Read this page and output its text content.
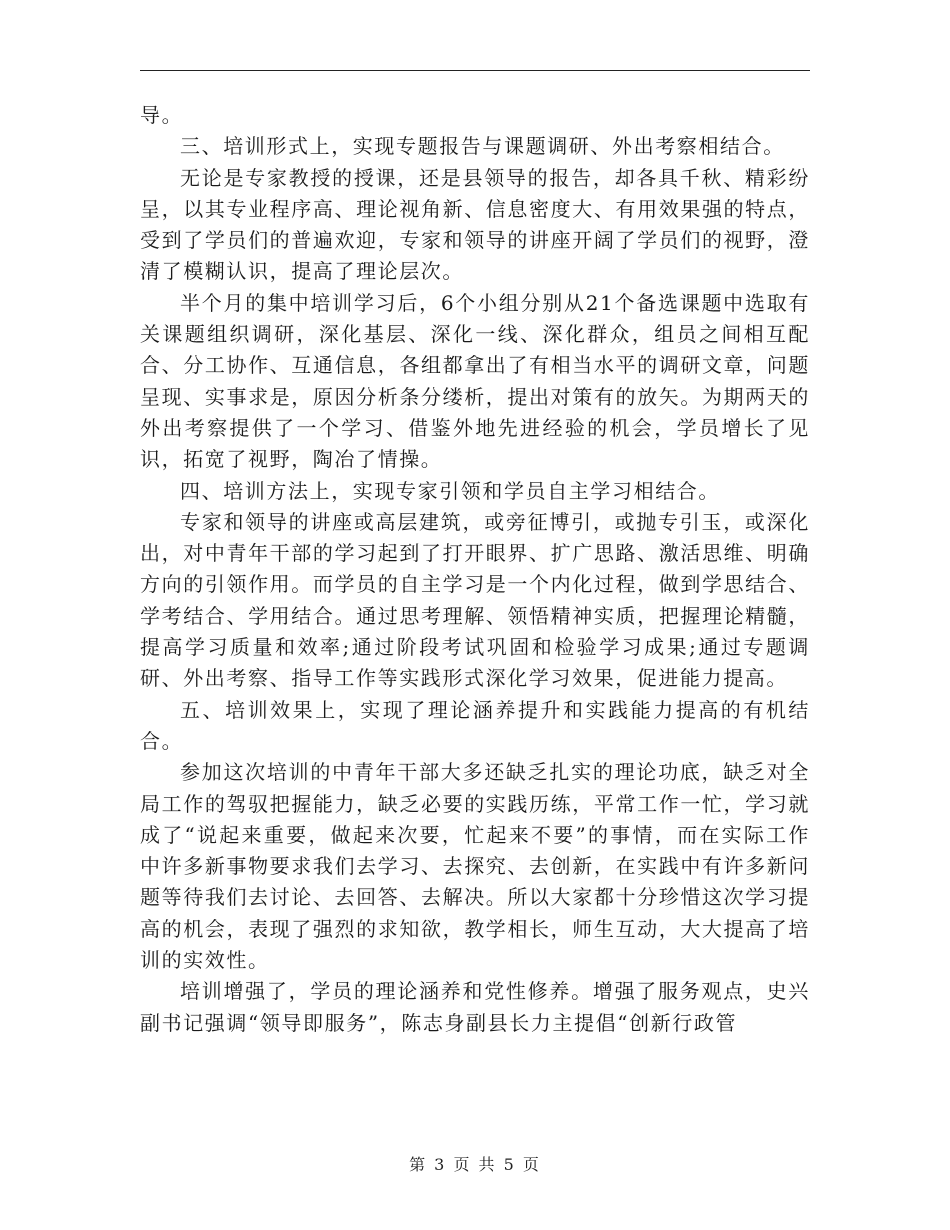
导。

三、培训形式上，实现专题报告与课题调研、外出考察相结合。

无论是专家教授的授课，还是县领导的报告，却各具千秋、精彩纷呈，以其专业程序高、理论视角新、信息密度大、有用效果强的特点，受到了学员们的普遍欢迎，专家和领导的讲座开阔了学员们的视野，澄清了模糊认识，提高了理论层次。

半个月的集中培训学习后，6个小组分别从21个备选课题中选取有关课题组织调研，深化基层、深化一线、深化群众，组员之间相互配合、分工协作、互通信息，各组都拿出了有相当水平的调研文章，问题呈现、实事求是，原因分析条分缕析，提出对策有的放矢。为期两天的外出考察提供了一个学习、借鉴外地先进经验的机会，学员增长了见识，拓宽了视野，陶冶了情操。

四、培训方法上，实现专家引领和学员自主学习相结合。

专家和领导的讲座或高层建筑，或旁征博引，或抛专引玉，或深化　出，对中青年干部的学习起到了打开眼界、扩广思路、激活思维、明确方向的引领作用。而学员的自主学习是一个内化过程，做到学思结合、学考结合、学用结合。通过思考理解、领悟精神实质，把握理论精髓，提高学习质量和效率;通过阶段考试巩固和检验学习成果;通过专题调研、外出考察、指导工作等实践形式深化学习效果，促进能力提高。

五、培训效果上，实现了理论涵养提升和实践能力提高的有机结合。

参加这次培训的中青年干部大多还缺乏扎实的理论功底，缺乏对全局工作的驾驭把握能力，缺乏必要的实践历练，平常工作一忙，学习就成了“说起来重要，做起来次要，忙起来不要”的事情，而在实际工作中许多新事物要求我们去学习、去探究、去创新，在实践中有许多新问题等待我们去讨论、去回答、去解决。所以大家都十分珍惜这次学习提高的机会，表现了强烈的求知欲，教学相长，师生互动，大大提高了培训的实效性。

培训增强了，学员的理论涵养和党性修养。增强了服务观点，史兴副书记强调“领导即服务”，陈志身副县长力主提倡“创新行政管

第 3 页 共 5 页
